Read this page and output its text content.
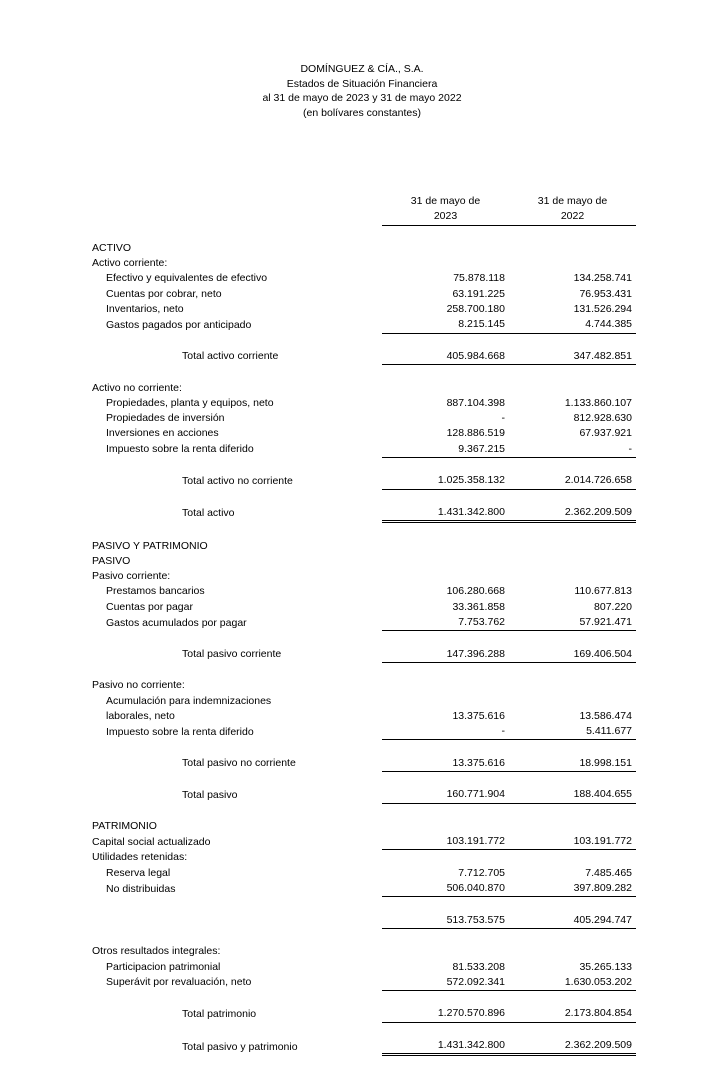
DOMÍNGUEZ & CÍA., S.A.
Estados de Situación Financiera
al 31 de mayo de 2023 y 31 de mayo 2022
(en bolívares constantes)
	31 de mayo de		31 de mayo de
	2023		2022

ACTIVO			
Activo corriente:			
Efectivo y equivalentes de efectivo	75.878.118		134.258.741
Cuentas por cobrar, neto	63.191.225		76.953.431
Inventarios, neto	258.700.180		131.526.294
Gastos pagados por anticipado	8.215.145		4.744.385

Total activo corriente	405.984.668		347.482.851

Activo no corriente:			
Propiedades, planta y equipos, neto	887.104.398		1.133.860.107
Propiedades de inversión	-		812.928.630
Inversiones en acciones	128.886.519		67.937.921
Impuesto sobre la renta diferido	9.367.215		-

Total activo no corriente	1.025.358.132		2.014.726.658

Total activo	1.431.342.800		2.362.209.509

PASIVO Y PATRIMONIO			
PASIVO			
Pasivo corriente:			
Prestamos bancarios	106.280.668		110.677.813
Cuentas por pagar	33.361.858		807.220
Gastos acumulados por pagar	7.753.762		57.921.471

Total pasivo corriente	147.396.288		169.406.504

Pasivo no corriente:			
Acumulación para indemnizaciones			
laborales, neto	13.375.616		13.586.474
Impuesto sobre la renta diferido	-		5.411.677

Total pasivo no corriente	13.375.616		18.998.151

Total pasivo	160.771.904		188.404.655

PATRIMONIO			
Capital social actualizado	103.191.772		103.191.772
Utilidades retenidas:			
Reserva legal	7.712.705		7.485.465
No distribuidas	506.040.870		397.809.282

	513.753.575		405.294.747

Otros resultados integrales:			
Participacion patrimonial	81.533.208		35.265.133
Superávit por revaluación, neto	572.092.341		1.630.053.202

Total patrimonio	1.270.570.896		2.173.804.854

Total pasivo y patrimonio	1.431.342.800		2.362.209.509
